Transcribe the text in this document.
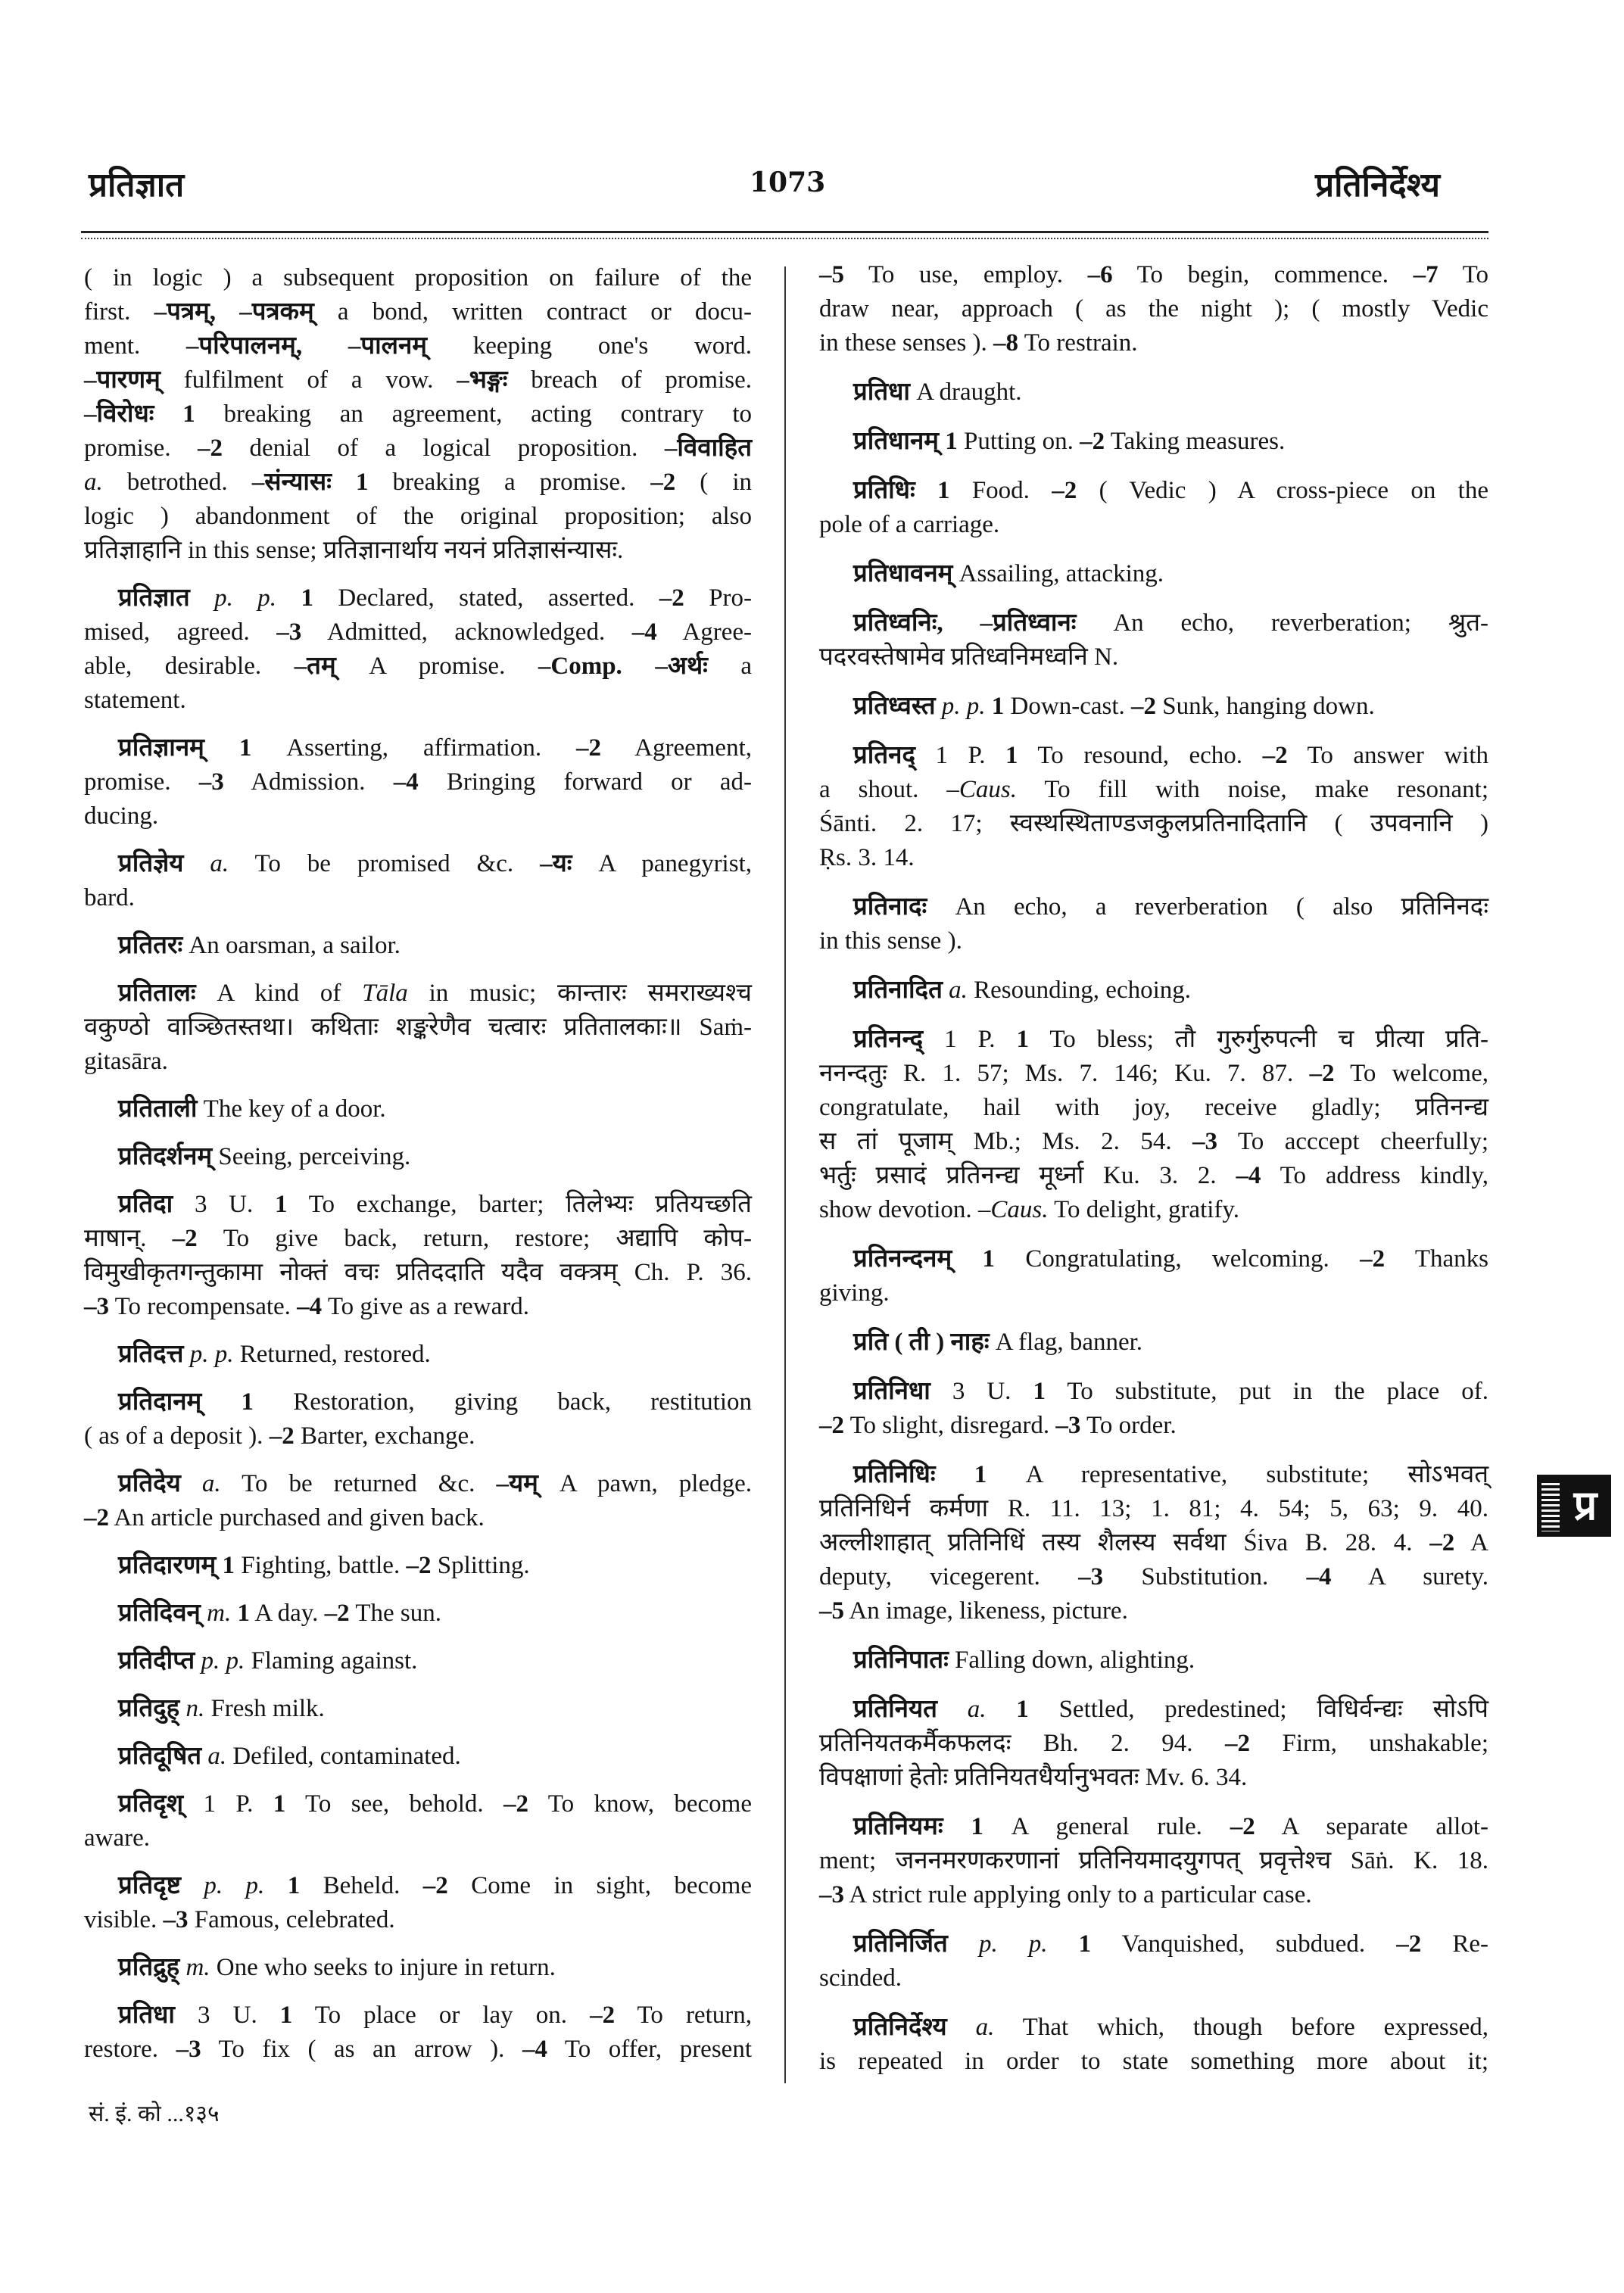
प्रतिज्ञात	1073	प्रतिनिर्देश्य
( in logic ) a subsequent proposition on failure of the
first. –पत्रम्, –पत्रकम् a bond, written contract or docu-
ment. –परिपालनम्, –पालनम् keeping one's word.
–पारणम् fulfilment of a vow. –भङ्गः breach of promise.
–विरोधः 1 breaking an agreement, acting contrary to
promise. –2 denial of a logical proposition. –विवाहित
a. betrothed. –संन्यासः 1 breaking a promise. –2 ( in
logic ) abandonment of the original proposition; also
प्रतिज्ञाहानि in this sense; प्रतिज्ञानार्थाय नयनं प्रतिज्ञासंन्यासः.
प्रतिज्ञात p. p. 1 Declared, stated, asserted. –2 Pro-
mised, agreed. –3 Admitted, acknowledged. –4 Agree-
able, desirable. –तम् A promise. –Comp. –अर्थः a
statement.
प्रतिज्ञानम् 1 Asserting, affirmation. –2 Agreement,
promise. –3 Admission. –4 Bringing forward or ad-
ducing.
प्रतिज्ञेय a. To be promised &c. –यः A panegyrist,
bard.
प्रतितरः An oarsman, a sailor.
प्रतितालः A kind of Tāla in music; कान्तारः समराख्यश्च
वकुण्ठो वाञ्छितस्तथा। कथिताः शङ्करेणैव चत्वारः प्रतितालकाः॥ Saṁ-
gitasāra.
प्रतिताली The key of a door.
प्रतिदर्शनम् Seeing, perceiving.
प्रतिदा 3 U. 1 To exchange, barter; तिलेभ्यः प्रतियच्छति
माषान्. –2 To give back, return, restore; अद्यापि कोप-
विमुखीकृतगन्तुकामा नोक्तं वचः प्रतिददाति यदैव वक्त्रम् Ch. P. 36.
–3 To recompensate. –4 To give as a reward.
प्रतिदत्त p. p. Returned, restored.
प्रतिदानम् 1 Restoration, giving back, restitution
( as of a deposit ). –2 Barter, exchange.
प्रतिदेय a. To be returned &c. –यम् A pawn, pledge.
–2 An article purchased and given back.
प्रतिदारणम् 1 Fighting, battle. –2 Splitting.
प्रतिदिवन् m. 1 A day. –2 The sun.
प्रतिदीप्त p. p. Flaming against.
प्रतिदुह् n. Fresh milk.
प्रतिदूषित a. Defiled, contaminated.
प्रतिदृश् 1 P. 1 To see, behold. –2 To know, become
aware.
प्रतिदृष्ट p. p. 1 Beheld. –2 Come in sight, become
visible. –3 Famous, celebrated.
प्रतिद्रुह् m. One who seeks to injure in return.
प्रतिधा 3 U. 1 To place or lay on. –2 To return,
restore. –3 To fix ( as an arrow ). –4 To offer, present
–5 To use, employ. –6 To begin, commence. –7 To
draw near, approach ( as the night ); ( mostly Vedic
in these senses ). –8 To restrain.
प्रतिधा A draught.
प्रतिधानम् 1 Putting on. –2 Taking measures.
प्रतिधिः 1 Food. –2 ( Vedic ) A cross-piece on the
pole of a carriage.
प्रतिधावनम् Assailing, attacking.
प्रतिध्वनिः, –प्रतिध्वानः An echo, reverberation; श्रुत-
पदरवस्तेषामेव प्रतिध्वनिमध्वनि N.
प्रतिध्वस्त p. p. 1 Down-cast. –2 Sunk, hanging down.
प्रतिनद् 1 P. 1 To resound, echo. –2 To answer with
a shout. –Caus. To fill with noise, make resonant;
Śānti. 2. 17; स्वस्थस्थिताण्डजकुलप्रतिनादितानि ( उपवनानि )
Ṛs. 3. 14.
प्रतिनादः An echo, a reverberation ( also प्रतिनिनदः
in this sense ).
प्रतिनादित a. Resounding, echoing.
प्रतिनन्द् 1 P. 1 To bless; तौ गुरुर्गुरुपत्नी च प्रीत्या प्रति-
ननन्दतुः R. 1. 57; Ms. 7. 146; Ku. 7. 87. –2 To welcome,
congratulate, hail with joy, receive gladly; प्रतिनन्द्य
स तां पूजाम् Mb.; Ms. 2. 54. –3 To acccept cheerfully;
भर्तुः प्रसादं प्रतिनन्द्य मूर्ध्ना Ku. 3. 2. –4 To address kindly,
show devotion. –Caus. To delight, gratify.
प्रतिनन्दनम् 1 Congratulating, welcoming. –2 Thanks
giving.
प्रति ( ती ) नाहः A flag, banner.
प्रतिनिधा 3 U. 1 To substitute, put in the place of.
–2 To slight, disregard. –3 To order.
प्रतिनिधिः 1 A representative, substitute; सोऽभवत्
प्रतिनिधिर्न कर्मणा R. 11. 13; 1. 81; 4. 54; 5, 63; 9. 40.
अल्लीशाहात् प्रतिनिधिं तस्य शैलस्य सर्वथा Śiva B. 28. 4. –2 A
deputy, vicegerent. –3 Substitution. –4 A surety.
–5 An image, likeness, picture.
प्रतिनिपातः Falling down, alighting.
प्रतिनियत a. 1 Settled, predestined; विधिर्वन्द्यः सोऽपि
प्रतिनियतकर्मैकफलदः Bh. 2. 94. –2 Firm, unshakable;
विपक्षाणां हेतोः प्रतिनियतधैर्यानुभवतः Mv. 6. 34.
प्रतिनियमः 1 A general rule. –2 A separate allot-
ment; जननमरणकरणानां प्रतिनियमादयुगपत् प्रवृत्तेश्च Sāṅ. K. 18.
–3 A strict rule applying only to a particular case.
प्रतिनिर्जित p. p. 1 Vanquished, subdued. –2 Re-
scinded.
प्रतिनिर्देश्य a. That which, though before expressed,
is repeated in order to state something more about it;
प्र
सं. इं. को ...१३५
